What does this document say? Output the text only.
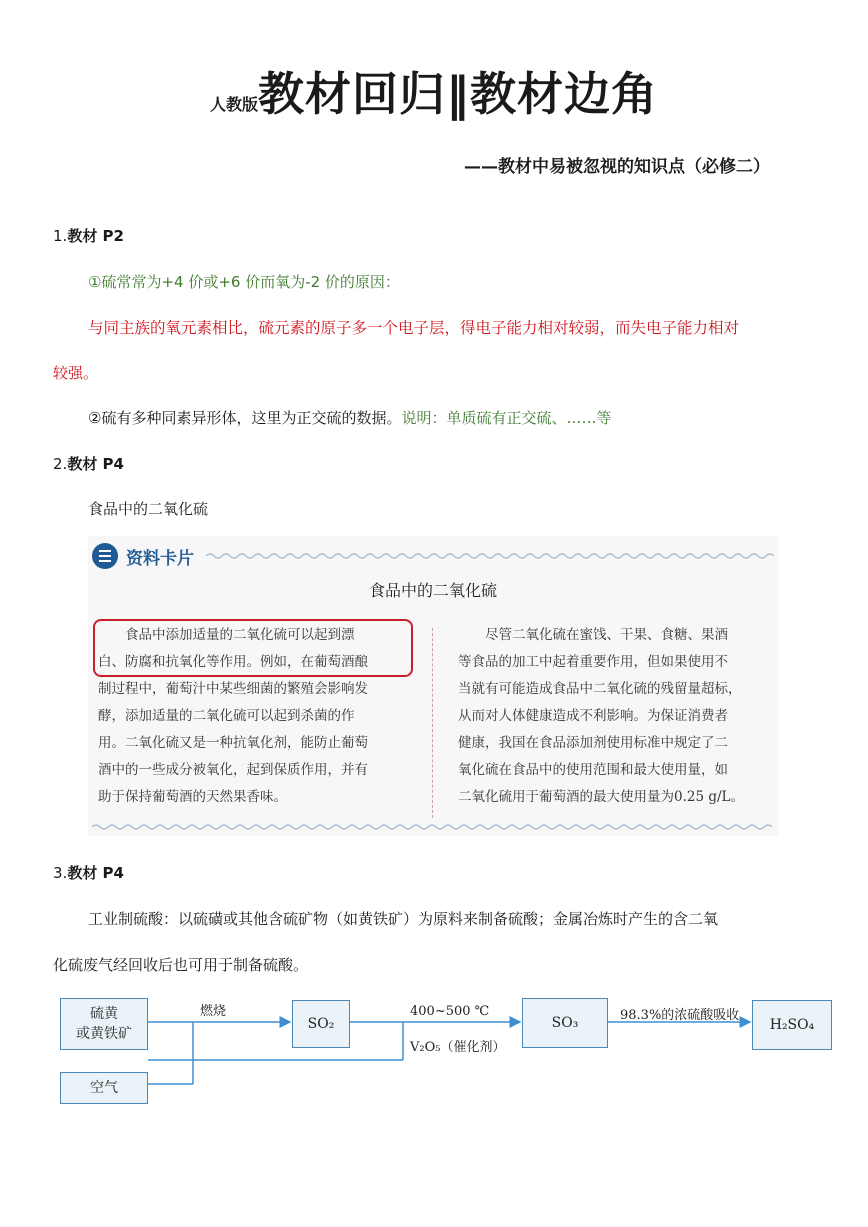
人教版教材回归‖教材边角
——教材中易被忽视的知识点（必修二）
1.教材 P2
①硫常常为+4 价或+6 价而氧为-2 价的原因：
与同主族的氧元素相比，硫元素的原子多一个电子层，得电子能力相对较弱，而失电子能力相对
较强。
②硫有多种同素异形体，这里为正交硫的数据。说明：单质硫有正交硫、……等
2.教材 P4
食品中的二氧化硫
资料卡片
食品中的二氧化硫
　　食品中添加适量的二氧化硫可以起到漂
白、防腐和抗氧化等作用。例如，在葡萄酒酿
制过程中，葡萄汁中某些细菌的繁殖会影响发
酵，添加适量的二氧化硫可以起到杀菌的作
用。二氧化硫又是一种抗氧化剂，能防止葡萄
酒中的一些成分被氧化，起到保质作用，并有
助于保持葡萄酒的天然果香味。
　　尽管二氧化硫在蜜饯、干果、食糖、果酒
等食品的加工中起着重要作用，但如果使用不
当就有可能造成食品中二氧化硫的残留量超标，
从而对人体健康造成不利影响。为保证消费者
健康，我国在食品添加剂使用标准中规定了二
氧化硫在食品中的使用范围和最大使用量，如
二氧化硫用于葡萄酒的最大使用量为0.25 g/L。
3.教材 P4
工业制硫酸：以硫磺或其他含硫矿物（如黄铁矿）为原料来制备硫酸；金属冶炼时产生的含二氧
化硫废气经回收后也可用于制备硫酸。
硫黄
或黄铁矿
空气
燃烧
SO₂
400~500 ℃
V₂O₅（催化剂）
SO₃	98.3%的浓硫酸吸收
H₂SO₄
